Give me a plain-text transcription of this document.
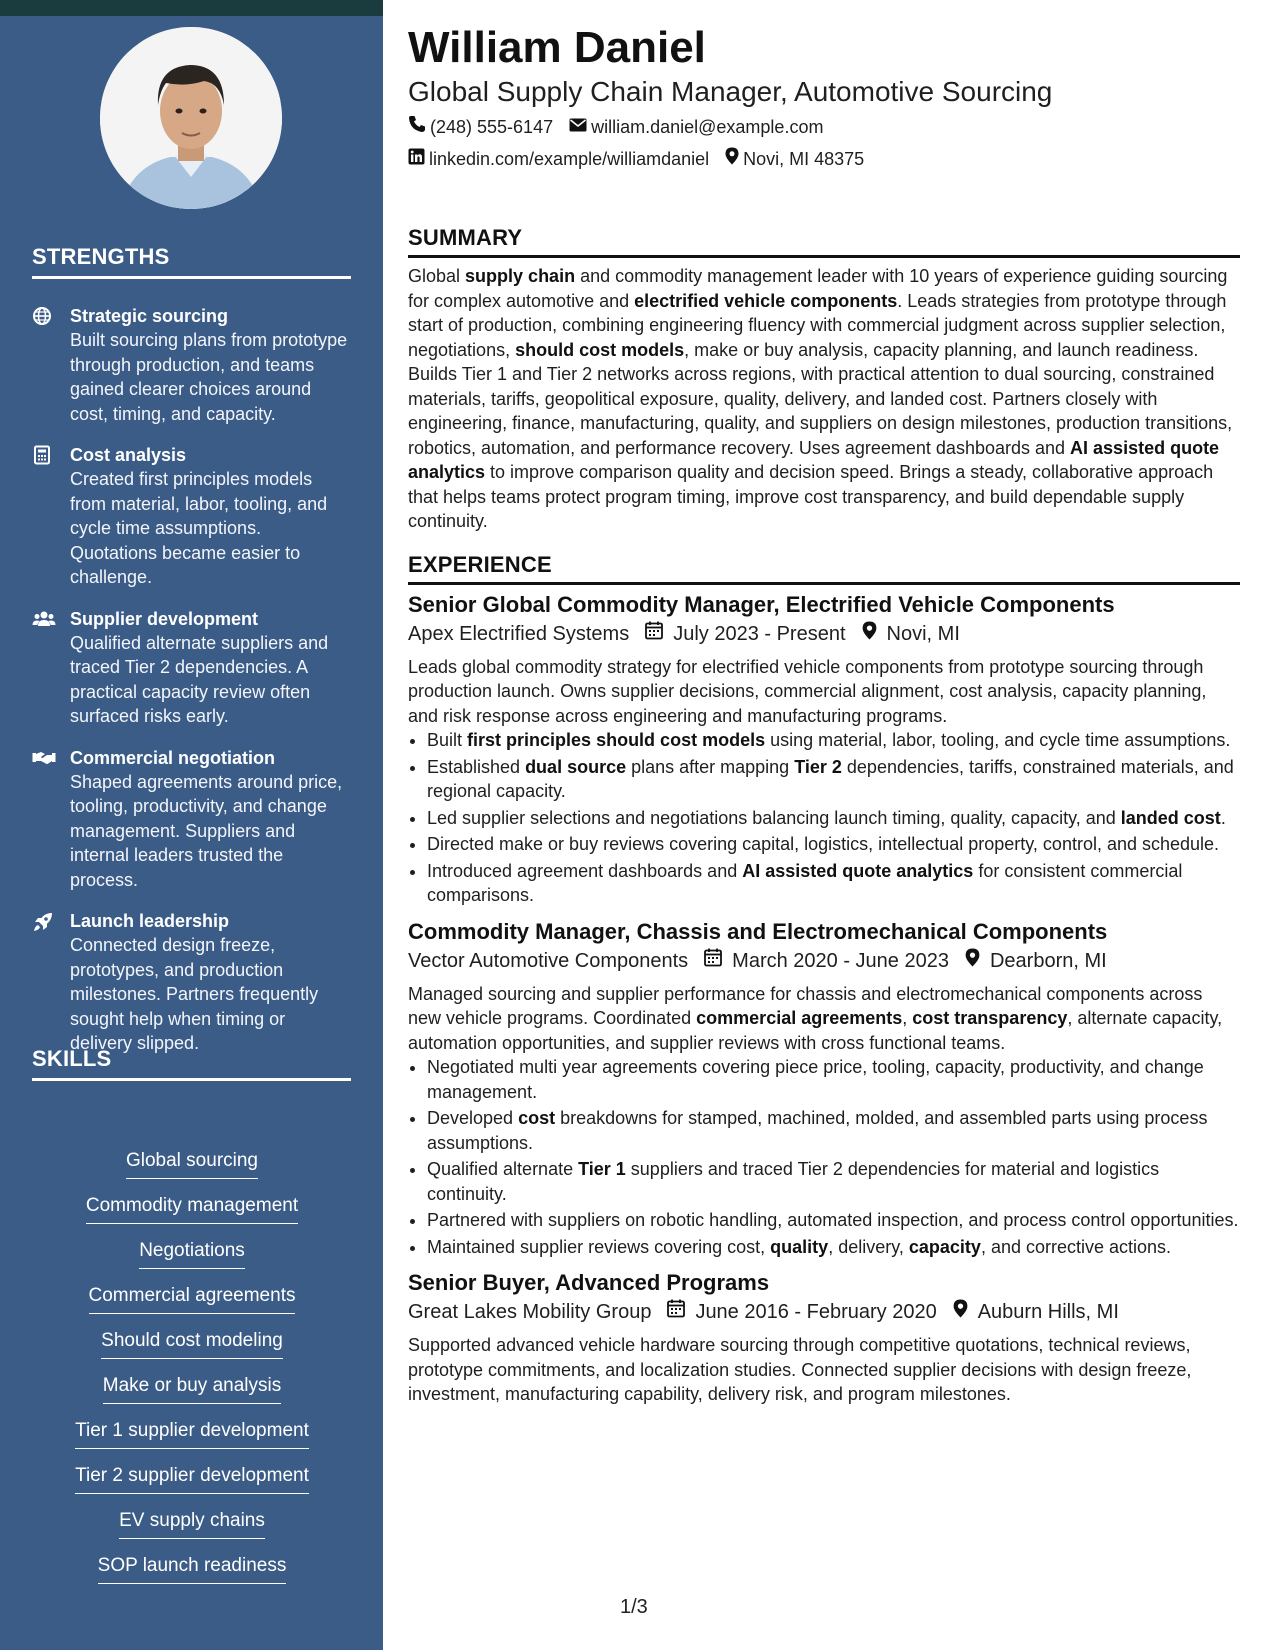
STRENGTHS
Strategic sourcing
Built sourcing plans from prototype through production, and teams gained clearer choices around cost, timing, and capacity.
Cost analysis
Created first principles models from material, labor, tooling, and cycle time assumptions. Quotations became easier to challenge.
Supplier development
Qualified alternate suppliers and traced Tier 2 dependencies. A practical capacity review often surfaced risks early.
Commercial negotiation
Shaped agreements around price, tooling, productivity, and change management. Suppliers and internal leaders trusted the process.
Launch leadership
Connected design freeze, prototypes, and production milestones. Partners frequently sought help when timing or delivery slipped.
SKILLS
Global sourcing
Commodity management
Negotiations
Commercial agreements
Should cost modeling
Make or buy analysis
Tier 1 supplier development
Tier 2 supplier development
EV supply chains
SOP launch readiness
William Daniel
Global Supply Chain Manager, Automotive Sourcing
(248) 555-6147 william.daniel@example.com
linkedin.com/example/williamdaniel Novi, MI 48375
SUMMARY

Global supply chain and commodity management leader with 10 years of experience guiding sourcing for complex automotive and electrified vehicle components. Leads strategies from prototype through start of production, combining engineering fluency with commercial judgment across supplier selection, negotiations, should cost models, make or buy analysis, capacity planning, and launch readiness. Builds Tier 1 and Tier 2 networks across regions, with practical attention to dual sourcing, constrained materials, tariffs, geopolitical exposure, quality, delivery, and landed cost. Partners closely with engineering, finance, manufacturing, quality, and suppliers on design milestones, production transitions, robotics, automation, and performance recovery. Uses agreement dashboards and AI assisted quote analytics to improve comparison quality and decision speed. Brings a steady, collaborative approach that helps teams protect program timing, improve cost transparency, and build dependable supply continuity.

EXPERIENCE
Senior Global Commodity Manager, Electrified Vehicle Components
Apex Electrified Systems July 2023 - Present Novi, MI

Leads global commodity strategy for electrified vehicle components from prototype sourcing through production launch. Owns supplier decisions, commercial alignment, cost analysis, capacity planning, and risk response across engineering and manufacturing programs.

• Built first principles should cost models using material, labor, tooling, and cycle time assumptions.
• Established dual source plans after mapping Tier 2 dependencies, tariffs, constrained materials, and regional capacity.
• Led supplier selections and negotiations balancing launch timing, quality, capacity, and landed cost.
• Directed make or buy reviews covering capital, logistics, intellectual property, control, and schedule.
• Introduced agreement dashboards and AI assisted quote analytics for consistent commercial comparisons.
Commodity Manager, Chassis and Electromechanical Components
Vector Automotive Components March 2020 - June 2023 Dearborn, MI

Managed sourcing and supplier performance for chassis and electromechanical components across new vehicle programs. Coordinated commercial agreements, cost transparency, alternate capacity, automation opportunities, and supplier reviews with cross functional teams.

• Negotiated multi year agreements covering piece price, tooling, capacity, productivity, and change management.
• Developed cost breakdowns for stamped, machined, molded, and assembled parts using process assumptions.
• Qualified alternate Tier 1 suppliers and traced Tier 2 dependencies for material and logistics continuity.
• Partnered with suppliers on robotic handling, automated inspection, and process control opportunities.
• Maintained supplier reviews covering cost, quality, delivery, capacity, and corrective actions.
Senior Buyer, Advanced Programs
Great Lakes Mobility Group June 2016 - February 2020 Auburn Hills, MI

Supported advanced vehicle hardware sourcing through competitive quotations, technical reviews, prototype commitments, and localization studies. Connected supplier decisions with design freeze, investment, manufacturing capability, delivery risk, and program milestones.

1/3
